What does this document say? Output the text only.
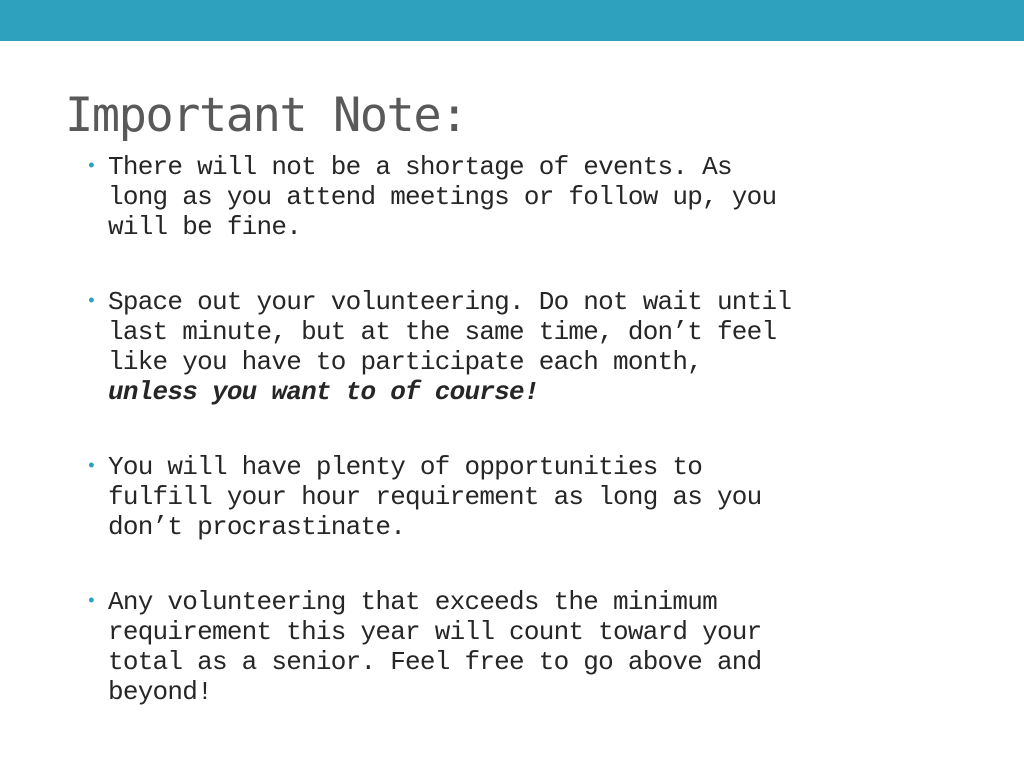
Important Note:
• There will not be a shortage of events. As
long as you attend meetings or follow up, you
will be fine.
• Space out your volunteering. Do not wait until
last minute, but at the same time, don’t feel
like you have to participate each month,
unless you want to of course!
• You will have plenty of opportunities to
fulfill your hour requirement as long as you
don’t procrastinate.
• Any volunteering that exceeds the minimum
requirement this year will count toward your
total as a senior. Feel free to go above and
beyond!
